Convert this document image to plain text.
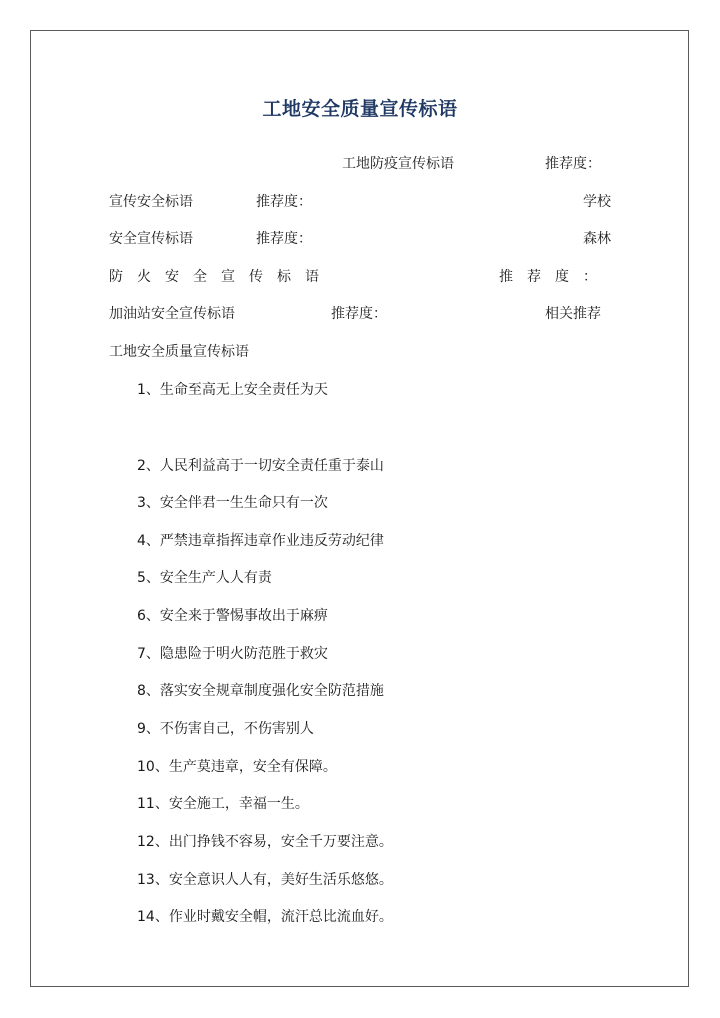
工地安全质量宣传标语
工地防疫宣传标语	推荐度：
宣传安全标语	推荐度：	学校
安全宣传标语	推荐度：	森林
防火安全宣传标语	推荐度：
加油站安全宣传标语	推荐度：	相关推荐
工地安全质量宣传标语
1、生命至高无上安全责任为天
2、人民利益高于一切安全责任重于泰山
3、安全伴君一生生命只有一次
4、严禁违章指挥违章作业违反劳动纪律
5、安全生产人人有责
6、安全来于警惕事故出于麻痹
7、隐患险于明火防范胜于救灾
8、落实安全规章制度强化安全防范措施
9、不伤害自己，不伤害别人
10、生产莫违章，安全有保障。
11、安全施工，幸福一生。
12、出门挣钱不容易，安全千万要注意。
13、安全意识人人有，美好生活乐悠悠。
14、作业时戴安全帽，流汗总比流血好。
